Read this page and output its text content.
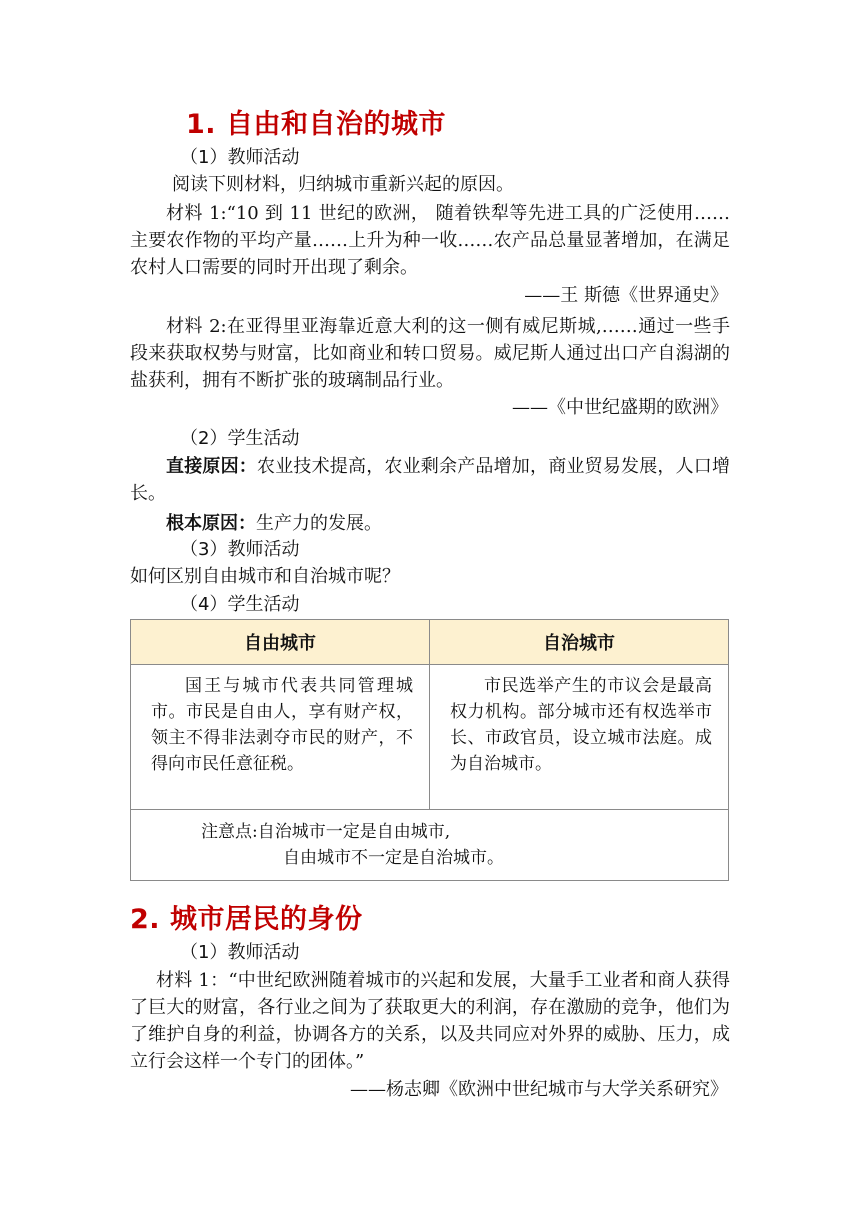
1. 自由和自治的城市
（1）教师活动
阅读下则材料，归纳城市重新兴起的原因。
材料 1:“10 到 11 世纪的欧洲， 随着铁犁等先进工具的广泛使用……主要农作物的平均产量……上升为种一收……农产品总量显著增加，在满足农村人口需要的同时开出现了剩余。
——王 斯德《世界通史》
材料 2:在亚得里亚海靠近意大利的这一侧有威尼斯城,……通过一些手段来获取权势与财富，比如商业和转口贸易。威尼斯人通过出口产自潟湖的盐获利，拥有不断扩张的玻璃制品行业。
——《中世纪盛期的欧洲》
（2）学生活动
直接原因：农业技术提高，农业剩余产品增加，商业贸易发展，人口增长。
根本原因：生产力的发展。
（3）教师活动
如何区别自由城市和自治城市呢？
（4）学生活动
自由城市	自治城市
国王与城市代表共同管理城市。市民是自由人，享有财产权，领主不得非法剥夺市民的财产，不得向市民任意征税。	市民选举产生的市议会是最高权力机构。部分城市还有权选举市长、市政官员，设立城市法庭。成为自治城市。

注意点:自治城市一定是自由城市,
自由城市不一定是自治城市。	
2. 城市居民的身份
（1）教师活动
材料 1：“中世纪欧洲随着城市的兴起和发展，大量手工业者和商人获得了巨大的财富，各行业之间为了获取更大的利润，存在激励的竞争，他们为了维护自身的利益，协调各方的关系，以及共同应对外界的威胁、压力，成立行会这样一个专门的团体。”
——杨志卿《欧洲中世纪城市与大学关系研究》
